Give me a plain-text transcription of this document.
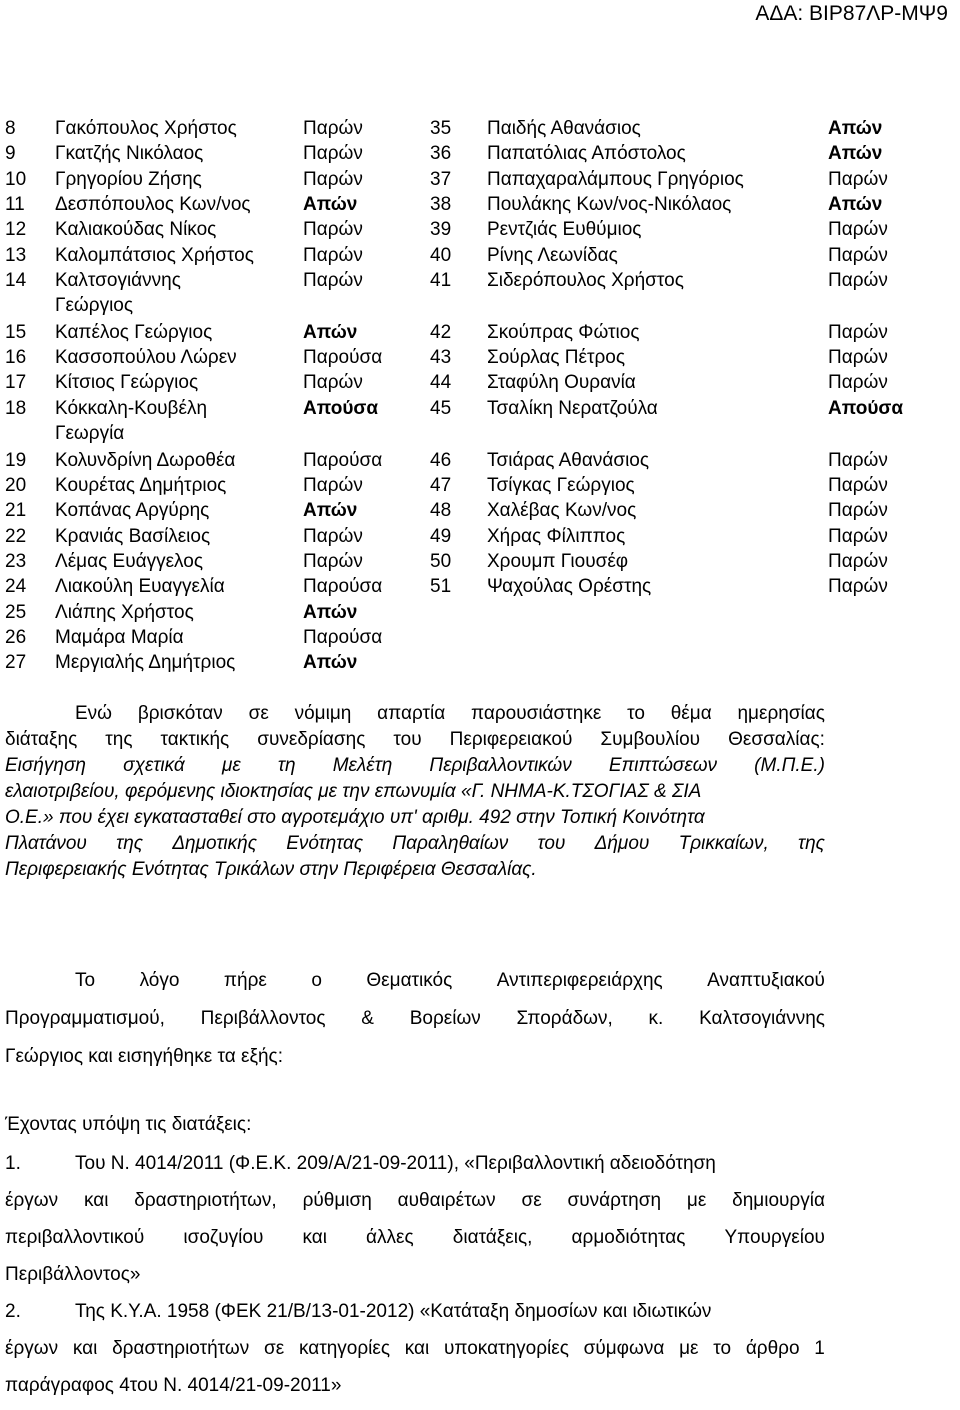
ΑΔΑ: ΒΙΡ87ΛΡ-ΜΨ9
8 Γακόπουλος Χρήστος	Παρών
9 Γκατζής Νικόλαος	Παρών
10 Γρηγορίου Ζήσης	Παρών
11 Δεσπόπουλος Κων/νος	Απών
12 Καλιακούδας Νίκος	Παρών
13 Καλομπάτσιος Χρήστος	Παρών
14 Καλτσογιάννης	Παρών
Γεώργιος
15 Καπέλος Γεώργιος	Απών
16 Κασσοπούλου Λώρεν	Παρούσα
17 Κίτσιος Γεώργιος	Παρών
18 Κόκκαλη-Κουβέλη	Απούσα
Γεωργία
19 Κολυνδρίνη Δωροθέα	Παρούσα
20 Κουρέτας Δημήτριος	Παρών
21 Κοπάνας Αργύρης	Απών
22 Κρανιάς Βασίλειος	Παρών
23 Λέμας Ευάγγελος	Παρών
24 Λιακούλη Ευαγγελία	Παρούσα
25 Λιάπης Χρήστος	Απών
26 Μαμάρα Μαρία	Παρούσα
27 Μεργιαλής Δημήτριος	Απών
35 Παιδής Αθανάσιος	Απών
36 Παπατόλιας Απόστολος	Απών
37 Παπαχαραλάμπους Γρηγόριος	Παρών
38 Πουλάκης Κων/νος-Νικόλαος	Απών
39 Ρεντζιάς Ευθύμιος	Παρών
40 Ρίνης Λεωνίδας	Παρών
41 Σιδερόπουλος Χρήστος	Παρών
42 Σκούπρας Φώτιος	Παρών
43 Σούρλας Πέτρος	Παρών
44 Σταφύλη Ουρανία	Παρών
45 Τσαλίκη Νερατζούλα	Απούσα
46 Τσιάρας Αθανάσιος	Παρών
47 Τσίγκας Γεώργιος	Παρών
48 Χαλέβας Κων/νος	Παρών
49 Χήρας Φίλιππος	Παρών
50 Χρουμπ Γιουσέφ	Παρών
51 Ψαχούλας Ορέστης	Παρών
Ενώ βρισκόταν σε νόμιμη απαρτία παρουσιάστηκε το θέμα ημερησίας
διάταξης της τακτικής συνεδρίασης του Περιφερειακού Συμβουλίου Θεσσαλίας:
Εισήγηση σχετικά με τη Μελέτη Περιβαλλοντικών Επιπτώσεων (Μ.Π.Ε.)
ελαιοτριβείου, φερόμενης ιδιοκτησίας με την επωνυμία «Γ. ΝΗΜΑ-Κ.ΤΣΟΓΙΑΣ & ΣΙΑ
Ο.Ε.» που έχει εγκατασταθεί στο αγροτεμάχιο υπ' αριθμ. 492 στην Τοπική Κοινότητα
Πλατάνου της Δημοτικής Ενότητας Παραληθαίων του Δήμου Τρικκαίων, της
Περιφερειακής Ενότητας Τρικάλων στην Περιφέρεια Θεσσαλίας.
Το λόγο πήρε ο Θεματικός Αντιπεριφερειάρχης Αναπτυξιακού
Προγραμματισμού, Περιβάλλοντος & Βορείων Σποράδων, κ. Καλτσογιάννης
Γεώργιος και εισηγήθηκε τα εξής:
Έχοντας υπόψη τις διατάξεις:
1.	Του Ν. 4014/2011 (Φ.Ε.Κ. 209/Α/21-09-2011), «Περιβαλλοντική αδειοδότηση
έργων και δραστηριοτήτων, ρύθμιση αυθαιρέτων σε συνάρτηση με δημιουργία
περιβαλλοντικού ισοζυγίου και άλλες διατάξεις, αρμοδιότητας Υπουργείου
Περιβάλλοντος»
2.	Της Κ.Υ.Α. 1958 (ΦΕΚ 21/Β/13-01-2012) «Κατάταξη δημοσίων και ιδιωτικών
έργων και δραστηριοτήτων σε κατηγορίες και υποκατηγορίες σύμφωνα με το άρθρο 1
παράγραφος 4του Ν. 4014/21-09-2011»
